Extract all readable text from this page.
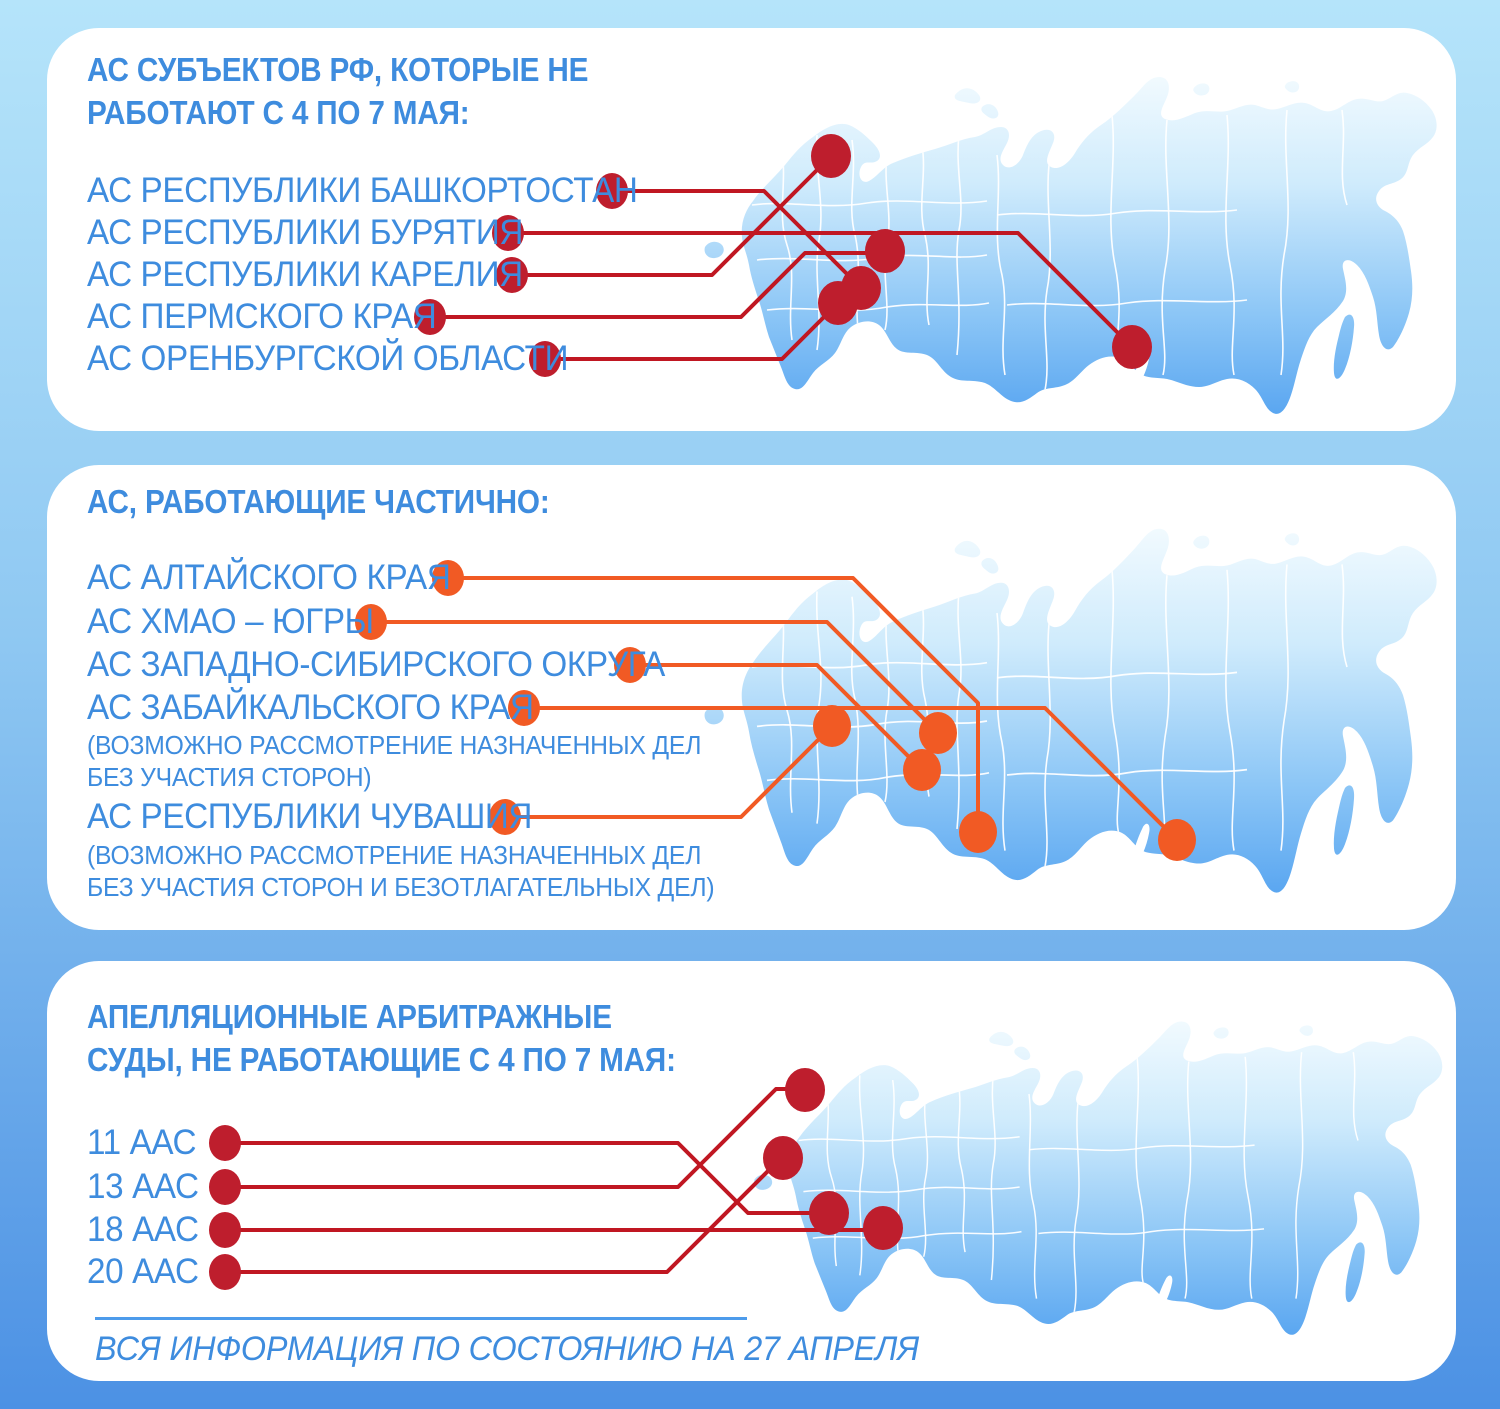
АС СУБЪЕКТОВ РФ, КОТОРЫЕ НЕ
РАБОТАЮТ С 4 ПО 7 МАЯ:
АС РЕСПУБЛИКИ БАШКОРТОСТАН
АС РЕСПУБЛИКИ БУРЯТИЯ
АС РЕСПУБЛИКИ КАРЕЛИЯ
АС ПЕРМСКОГО КРАЯ
АС ОРЕНБУРГСКОЙ ОБЛАСТИ
АС, РАБОТАЮЩИЕ ЧАСТИЧНО:
АС АЛТАЙСКОГО КРАЯ
АС ХМАО – ЮГРЫ
АС ЗАПАДНО-СИБИРСКОГО ОКРУГА
АС ЗАБАЙКАЛЬСКОГО КРАЯ
(ВОЗМОЖНО РАССМОТРЕНИЕ НАЗНАЧЕННЫХ ДЕЛ
БЕЗ УЧАСТИЯ СТОРОН)
АС РЕСПУБЛИКИ ЧУВАШИЯ
(ВОЗМОЖНО РАССМОТРЕНИЕ НАЗНАЧЕННЫХ ДЕЛ
БЕЗ УЧАСТИЯ СТОРОН И БЕЗОТЛАГАТЕЛЬНЫХ ДЕЛ)
АПЕЛЛЯЦИОННЫЕ АРБИТРАЖНЫЕ
СУДЫ, НЕ РАБОТАЮЩИЕ С 4 ПО 7 МАЯ:
11 ААС
13 ААС
18 ААС
20 ААС
ВСЯ ИНФОРМАЦИЯ ПО СОСТОЯНИЮ НА 27 АПРЕЛЯ
